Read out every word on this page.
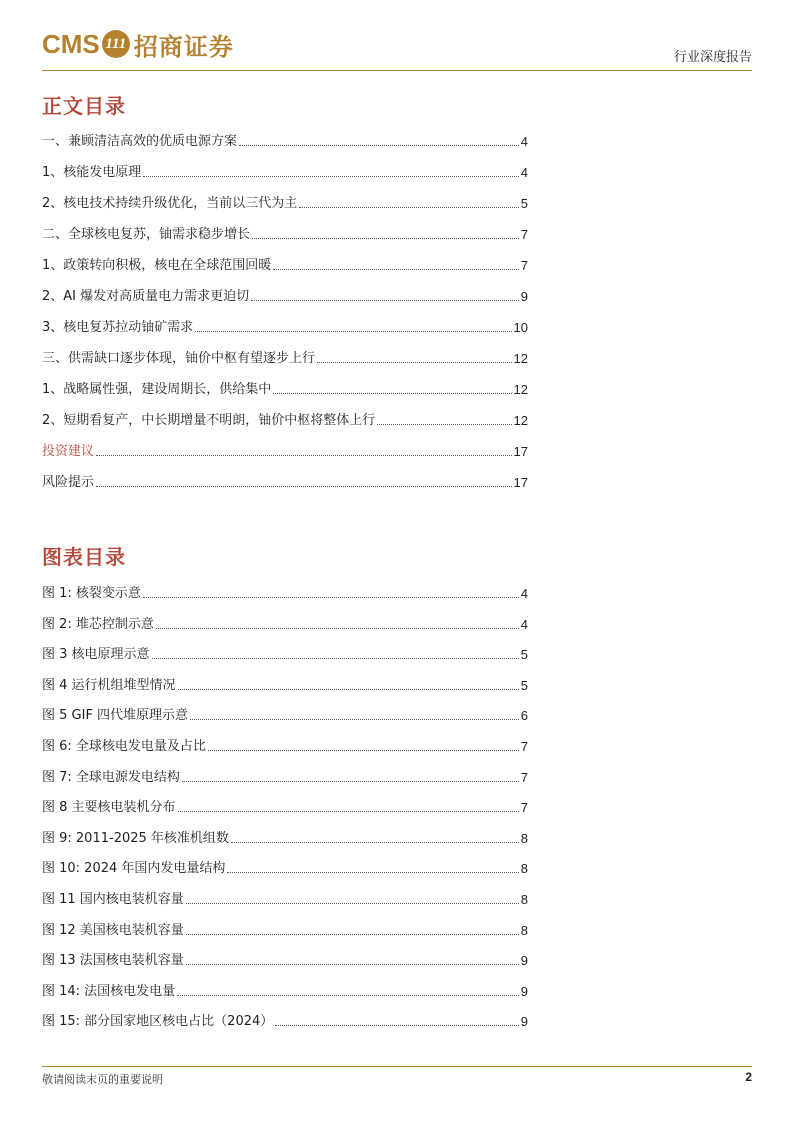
CMS 111 招商证券	行业深度报告
正文目录
一、兼顾清洁高效的优质电源方案	4
1、核能发电原理	4
2、核电技术持续升级优化，当前以三代为主	5
二、全球核电复苏，铀需求稳步增长	7
1、政策转向积极，核电在全球范围回暖	7
2、AI 爆发对高质量电力需求更迫切	9
3、核电复苏拉动铀矿需求	10
三、供需缺口逐步体现，铀价中枢有望逐步上行	12
1、战略属性强，建设周期长，供给集中	12
2、短期看复产，中长期增量不明朗，铀价中枢将整体上行	12
投资建议	17
风险提示	17
图表目录
图 1: 核裂变示意	4
图 2: 堆芯控制示意	4
图 3 核电原理示意	5
图 4 运行机组堆型情况	5
图 5 GIF 四代堆原理示意	6
图 6: 全球核电发电量及占比	7
图 7: 全球电源发电结构	7
图 8 主要核电装机分布	7
图 9: 2011-2025 年核准机组数	8
图 10: 2024 年国内发电量结构	8
图 11 国内核电装机容量	8
图 12 美国核电装机容量	8
图 13 法国核电装机容量	9
图 14: 法国核电发电量	9
图 15: 部分国家地区核电占比（2024）	9
敬请阅读末页的重要说明	2
